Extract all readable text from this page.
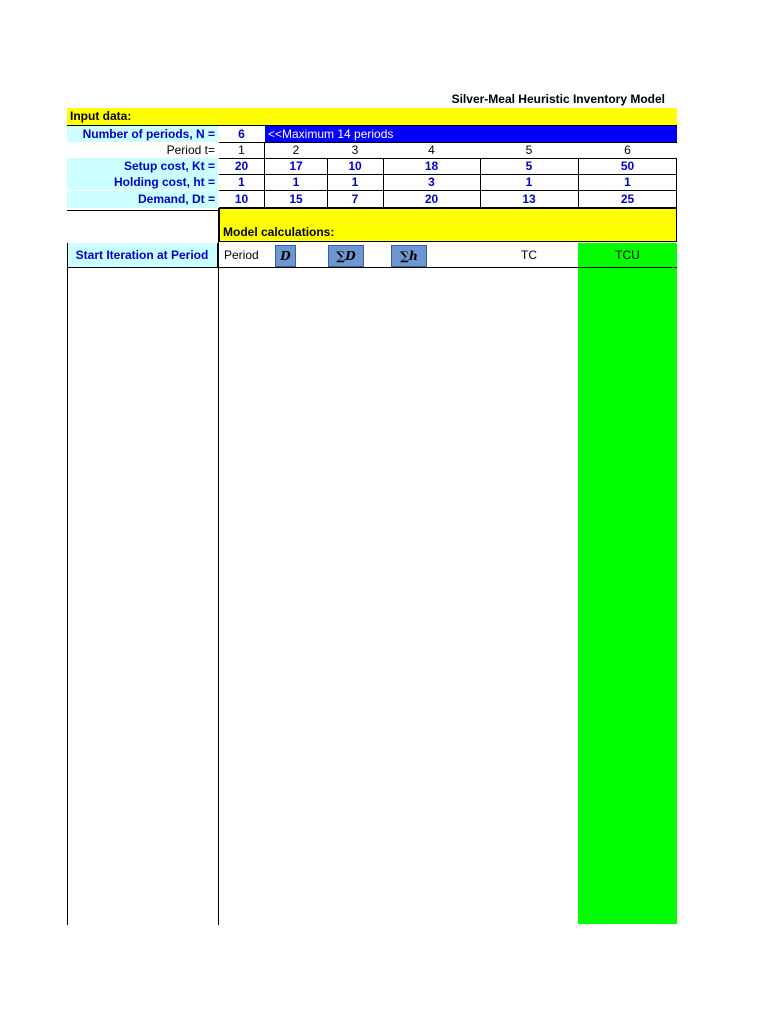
Silver-Meal Heuristic Inventory Model
Input data:
Number of periods, N =	6	<<Maximum 14 periods
Period t=	1	2	3	4	5	6
Setup cost, Kt =	20	17	10	18	5	50
Holding cost, ht =	1	1	1	3	1	1
Demand, Dt =	10	15	7	20	13	25
Model calculations:
Start Iteration at Period	Period	D	∑D	∑h	TC	TCU
